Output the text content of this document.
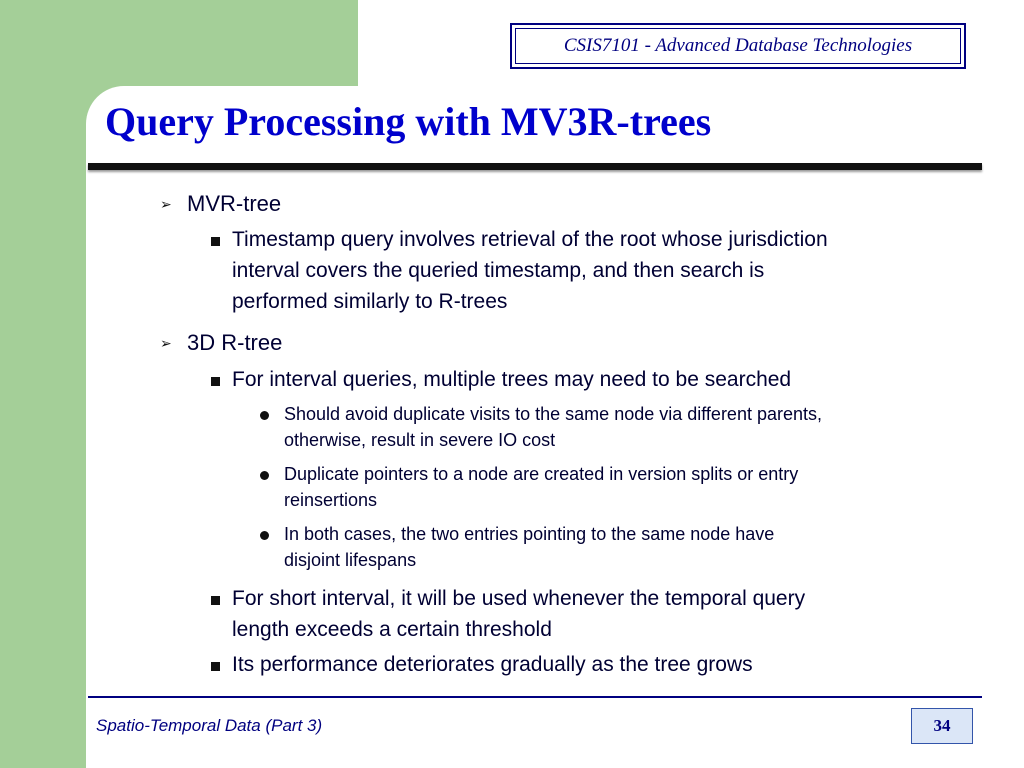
CSIS7101 - Advanced Database Technologies
Query Processing with MV3R-trees
➢ MVR-tree
Timestamp query involves retrieval of the root whose jurisdiction
interval covers the queried timestamp, and then search is
performed similarly to R-trees
➢ 3D R-tree
For interval queries, multiple trees may need to be searched
Should avoid duplicate visits to the same node via different parents,
otherwise, result in severe IO cost
Duplicate pointers to a node are created in version splits or entry
reinsertions
In both cases, the two entries pointing to the same node have
disjoint lifespans
For short interval, it will be used whenever the temporal query
length exceeds a certain threshold
Its performance deteriorates gradually as the tree grows
Spatio-Temporal Data (Part 3)	34
